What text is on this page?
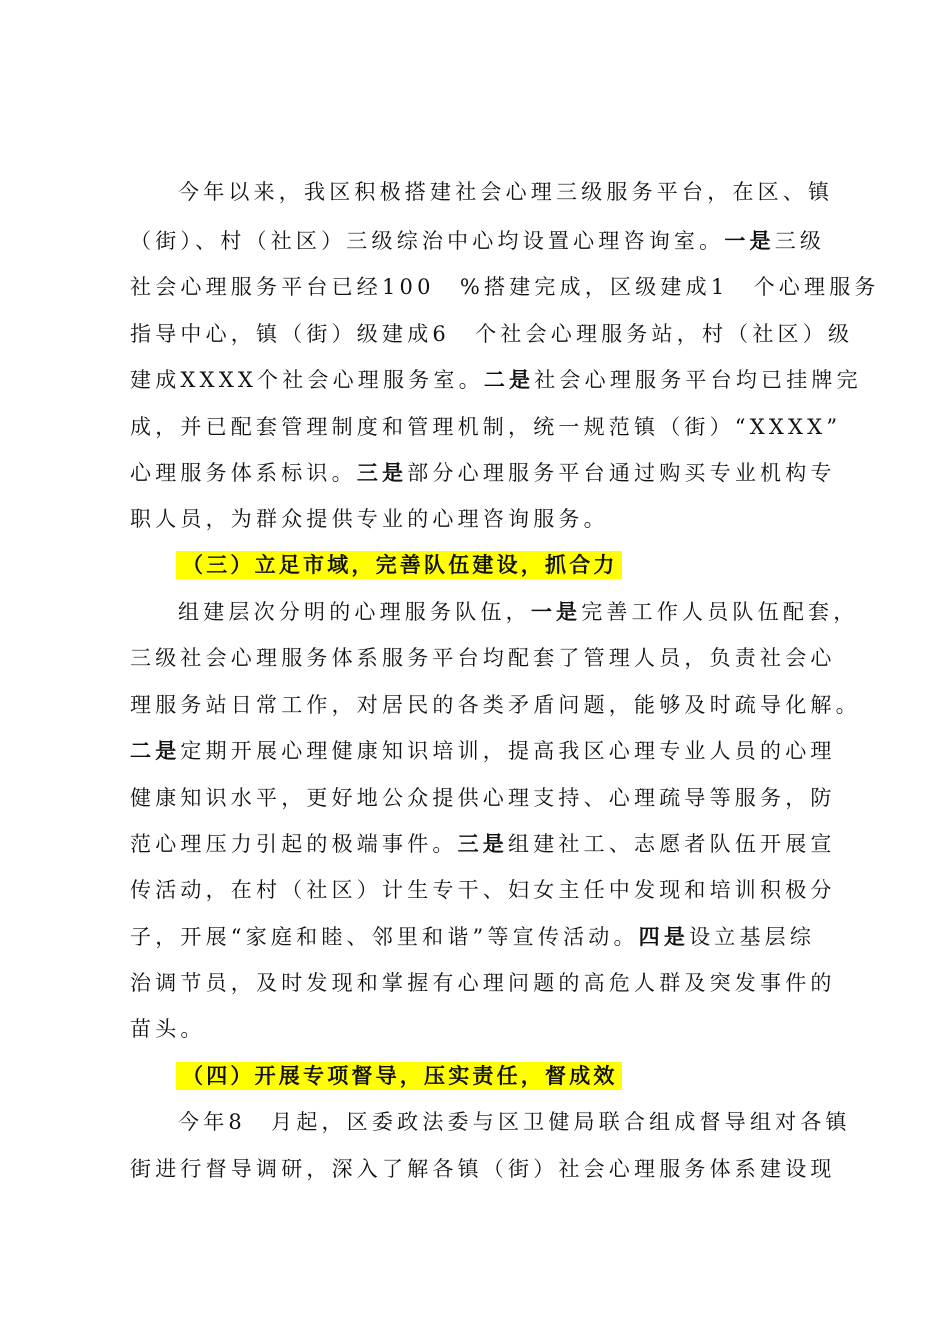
今年以来，我区积极搭建社会心理三级服务平台，在区、镇
（街）、村（社区）三级综治中心均设置心理咨询室。一是三级
社会心理服务平台已经100　%搭建完成，区级建成1　个心理服务
指导中心，镇（街）级建成6　个社会心理服务站，村（社区）级
建成XXXX个社会心理服务室。二是社会心理服务平台均已挂牌完
成，并已配套管理制度和管理机制，统一规范镇（街）“XXXX”
心理服务体系标识。三是部分心理服务平台通过购买专业机构专
职人员，为群众提供专业的心理咨询服务。
（三）立足市域，完善队伍建设，抓合力
组建层次分明的心理服务队伍，一是完善工作人员队伍配套，
三级社会心理服务体系服务平台均配套了管理人员，负责社会心
理服务站日常工作，对居民的各类矛盾问题，能够及时疏导化解。
二是定期开展心理健康知识培训，提高我区心理专业人员的心理
健康知识水平，更好地公众提供心理支持、心理疏导等服务，防
范心理压力引起的极端事件。三是组建社工、志愿者队伍开展宣
传活动，在村（社区）计生专干、妇女主任中发现和培训积极分
子，开展“家庭和睦、邻里和谐”等宣传活动。四是设立基层综
治调节员，及时发现和掌握有心理问题的高危人群及突发事件的
苗头。
（四）开展专项督导，压实责任，督成效
今年8　月起，区委政法委与区卫健局联合组成督导组对各镇
街进行督导调研，深入了解各镇（街）社会心理服务体系建设现
